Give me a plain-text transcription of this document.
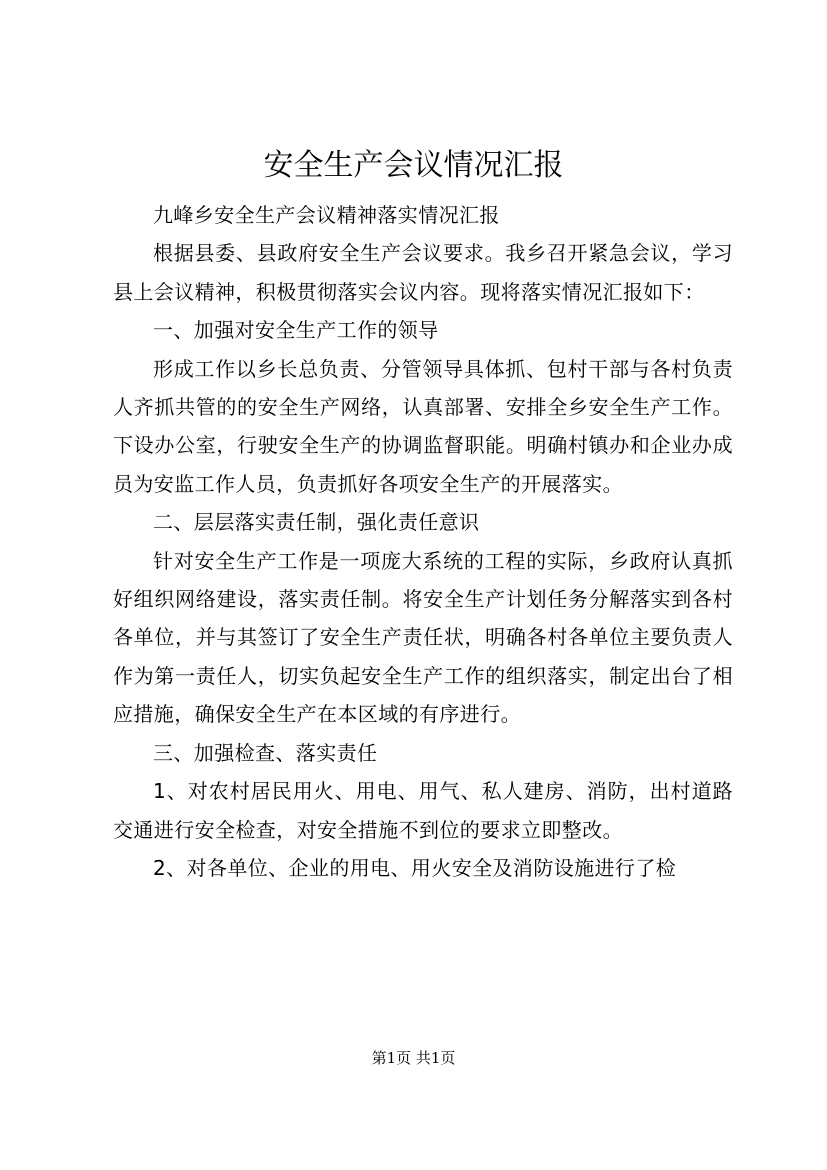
安全生产会议情况汇报

九峰乡安全生产会议精神落实情况汇报

根据县委、县政府安全生产会议要求。我乡召开紧急会议，学习县上会议精神，积极贯彻落实会议内容。现将落实情况汇报如下：

一、加强对安全生产工作的领导

形成工作以乡长总负责、分管领导具体抓、包村干部与各村负责人齐抓共管的的安全生产网络，认真部署、安排全乡安全生产工作。下设办公室，行驶安全生产的协调监督职能。明确村镇办和企业办成员为安监工作人员，负责抓好各项安全生产的开展落实。

二、层层落实责任制，强化责任意识

针对安全生产工作是一项庞大系统的工程的实际，乡政府认真抓好组织网络建设，落实责任制。将安全生产计划任务分解落实到各村各单位，并与其签订了安全生产责任状，明确各村各单位主要负责人作为第一责任人，切实负起安全生产工作的组织落实，制定出台了相应措施，确保安全生产在本区域的有序进行。

三、加强检查、落实责任

1、对农村居民用火、用电、用气、私人建房、消防，出村道路交通进行安全检查，对安全措施不到位的要求立即整改。

2、对各单位、企业的用电、用火安全及消防设施进行了检

第1页 共1页
